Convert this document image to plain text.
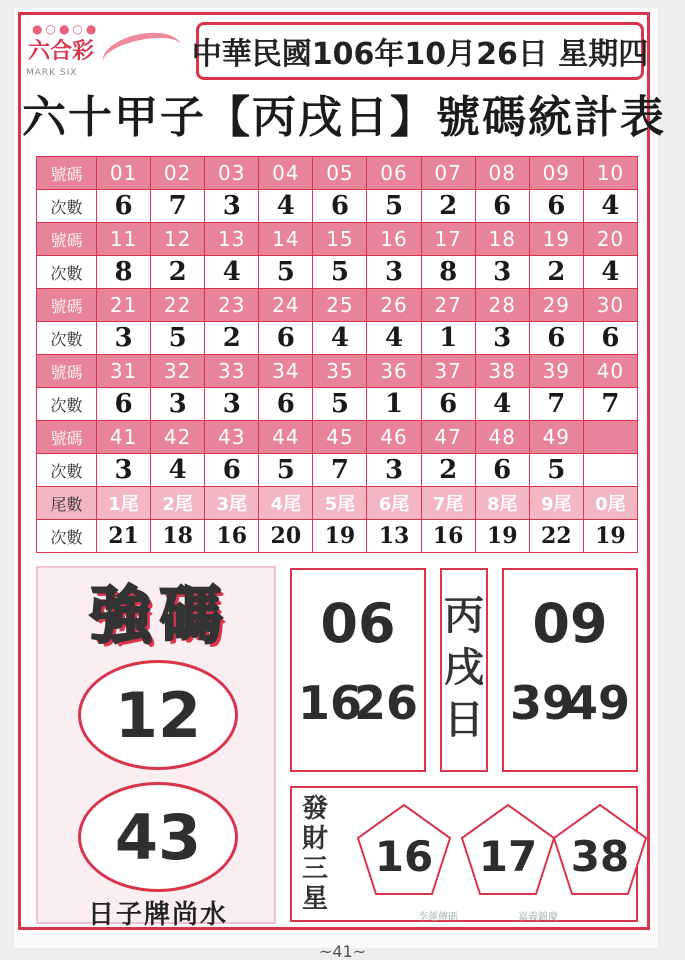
●○●○●
六合彩
MARK SIX
中華民國106年10月26日 星期四
六十甲子【丙戌日】號碼統計表
號碼	01	02	03	04	05	06	07	08	09	10
次數	6	7	3	4	6	5	2	6	6	4
號碼	11	12	13	14	15	16	17	18	19	20
次數	8	2	4	5	5	3	8	3	2	4
號碼	21	22	23	24	25	26	27	28	29	30
次數	3	5	2	6	4	4	1	3	6	6
號碼	31	32	33	34	35	36	37	38	39	40
次數	6	3	3	6	5	1	6	4	7	7
號碼	41	42	43	44	45	46	47	48	49	
次數	3	4	6	5	7	3	2	6	5	
尾數	1尾	2尾	3尾	4尾	5尾	6尾	7尾	8尾	9尾	0尾
次數	21	18	16	20	19	13	16	19	22	19
強碼
12
43
日子牌尚水
06
16
26
丙
戌
日
09
39
49
發
財
三
星
16	17 38
李蓮傳碼	嘉義錦慶
~41~
